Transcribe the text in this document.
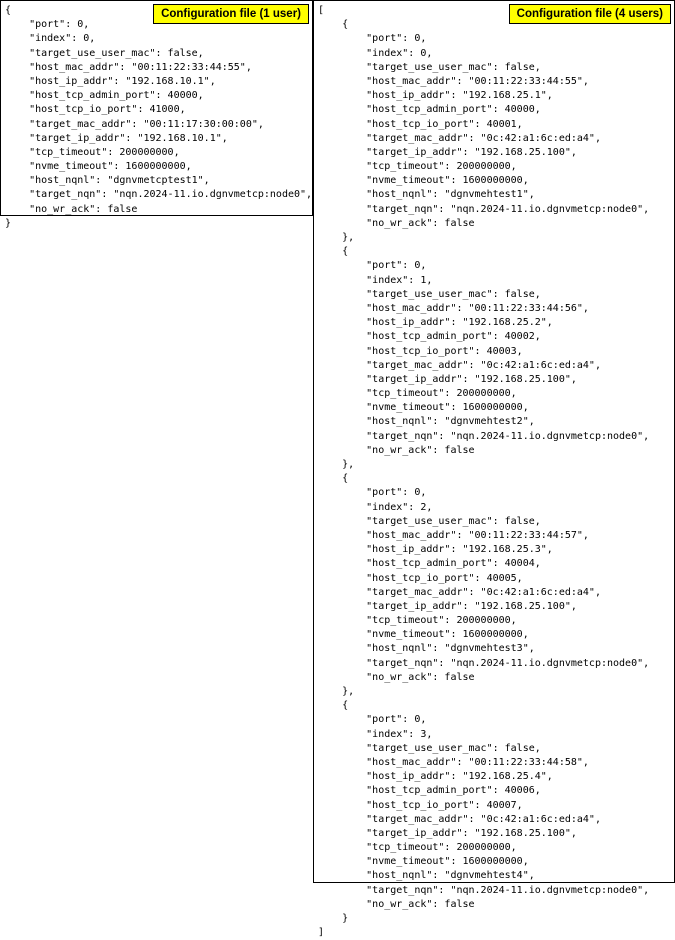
{
"port": 0,
"index": 0,
"target_use_user_mac": false,
"host_mac_addr": "00:11:22:33:44:55",
"host_ip_addr": "192.168.10.1",
"host_tcp_admin_port": 40000,
"host_tcp_io_port": 41000,
"target_mac_addr": "00:11:17:30:00:00",
"target_ip_addr": "192.168.10.1",
"tcp_timeout": 200000000,
"nvme_timeout": 1600000000,
"host_nqnl": "dgnvmetcptest1",
"target_nqn": "nqn.2024-11.io.dgnvmetcp:node0",
"no_wr_ack": false
}
Configuration file (1 user)	[
{
"port": 0,
"index": 0,
"target_use_user_mac": false,
"host_mac_addr": "00:11:22:33:44:55",
"host_ip_addr": "192.168.25.1",
"host_tcp_admin_port": 40000,
"host_tcp_io_port": 40001,
"target_mac_addr": "0c:42:a1:6c:ed:a4",
"target_ip_addr": "192.168.25.100",
"tcp_timeout": 200000000,
"nvme_timeout": 1600000000,
"host_nqnl": "dgnvmehtest1",
"target_nqn": "nqn.2024-11.io.dgnvmetcp:node0",
"no_wr_ack": false
},
{
"port": 0,
"index": 1,
"target_use_user_mac": false,
"host_mac_addr": "00:11:22:33:44:56",
"host_ip_addr": "192.168.25.2",
"host_tcp_admin_port": 40002,
"host_tcp_io_port": 40003,
"target_mac_addr": "0c:42:a1:6c:ed:a4",
"target_ip_addr": "192.168.25.100",
"tcp_timeout": 200000000,
"nvme_timeout": 1600000000,
"host_nqnl": "dgnvmehtest2",
"target_nqn": "nqn.2024-11.io.dgnvmetcp:node0",
"no_wr_ack": false
},
{
"port": 0,
"index": 2,
"target_use_user_mac": false,
"host_mac_addr": "00:11:22:33:44:57",
"host_ip_addr": "192.168.25.3",
"host_tcp_admin_port": 40004,
"host_tcp_io_port": 40005,
"target_mac_addr": "0c:42:a1:6c:ed:a4",
"target_ip_addr": "192.168.25.100",
"tcp_timeout": 200000000,
"nvme_timeout": 1600000000,
"host_nqnl": "dgnvmehtest3",
"target_nqn": "nqn.2024-11.io.dgnvmetcp:node0",
"no_wr_ack": false
},
{
"port": 0,
"index": 3,
"target_use_user_mac": false,
"host_mac_addr": "00:11:22:33:44:58",
"host_ip_addr": "192.168.25.4",
"host_tcp_admin_port": 40006,
"host_tcp_io_port": 40007,
"target_mac_addr": "0c:42:a1:6c:ed:a4",
"target_ip_addr": "192.168.25.100",
"tcp_timeout": 200000000,
"nvme_timeout": 1600000000,
"host_nqnl": "dgnvmehtest4",
"target_nqn": "nqn.2024-11.io.dgnvmetcp:node0",
"no_wr_ack": false
}
]
Configuration file (4 users)
